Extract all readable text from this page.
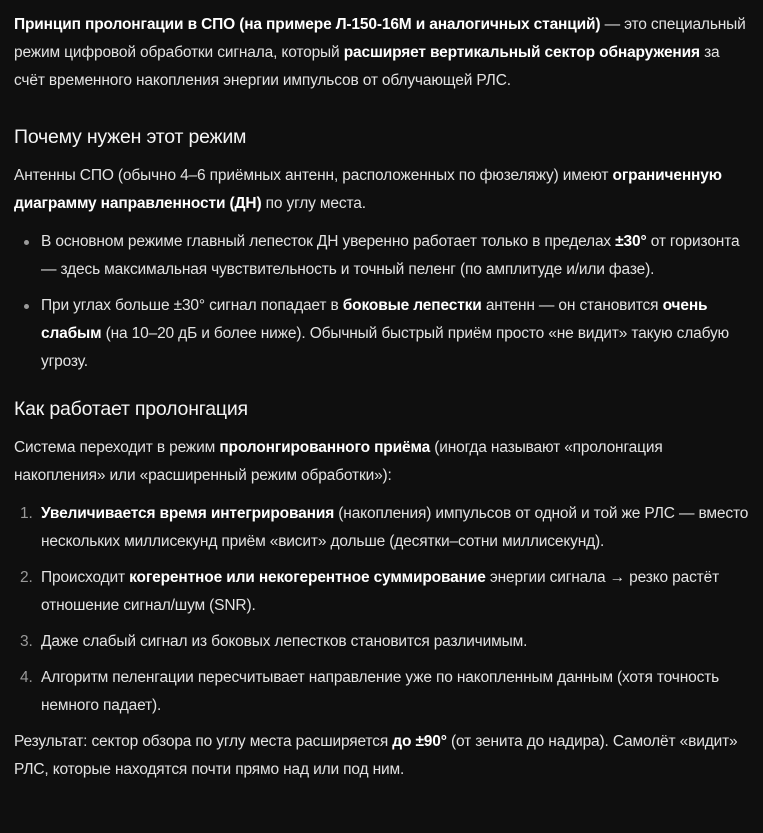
Принцип пролонгации в СПО (на примере Л-150-16М и аналогичных станций) — это специальный режим цифровой обработки сигнала, который расширяет вертикальный сектор обнаружения за счёт временного накопления энергии импульсов от облучающей РЛС.

Почему нужен этот режим

Антенны СПО (обычно 4–6 приёмных антенн, расположенных по фюзеляжу) имеют ограниченную диаграмму направленности (ДН) по углу места.

В основном режиме главный лепесток ДН уверенно работает только в пределах ±30° от горизонта — здесь максимальная чувствительность и точный пеленг (по амплитуде и/или фазе).
При углах больше ±30° сигнал попадает в боковые лепестки антенн — он становится очень слабым (на 10–20 дБ и более ниже). Обычный быстрый приём просто «не видит» такую слабую угрозу.
Как работает пролонгация

Система переходит в режим пролонгированного приёма (иногда называют «пролонгация накопления» или «расширенный режим обработки»):

1. Увеличивается время интегрирования (накопления) импульсов от одной и той же РЛС — вместо нескольких миллисекунд приём «висит» дольше (десятки–сотни миллисекунд).
2. Происходит когерентное или некогерентное суммирование энергии сигнала → резко растёт
отношение сигнал/шум (SNR).
3. Даже слабый сигнал из боковых лепестков становится различимым.
4. Алгоритм пеленгации пересчитывает направление уже по накопленным данным (хотя точность немного падает).

Результат: сектор обзора по углу места расширяется до ±90° (от зенита до надира). Самолёт «видит» РЛС, которые находятся почти прямо над или под ним.
